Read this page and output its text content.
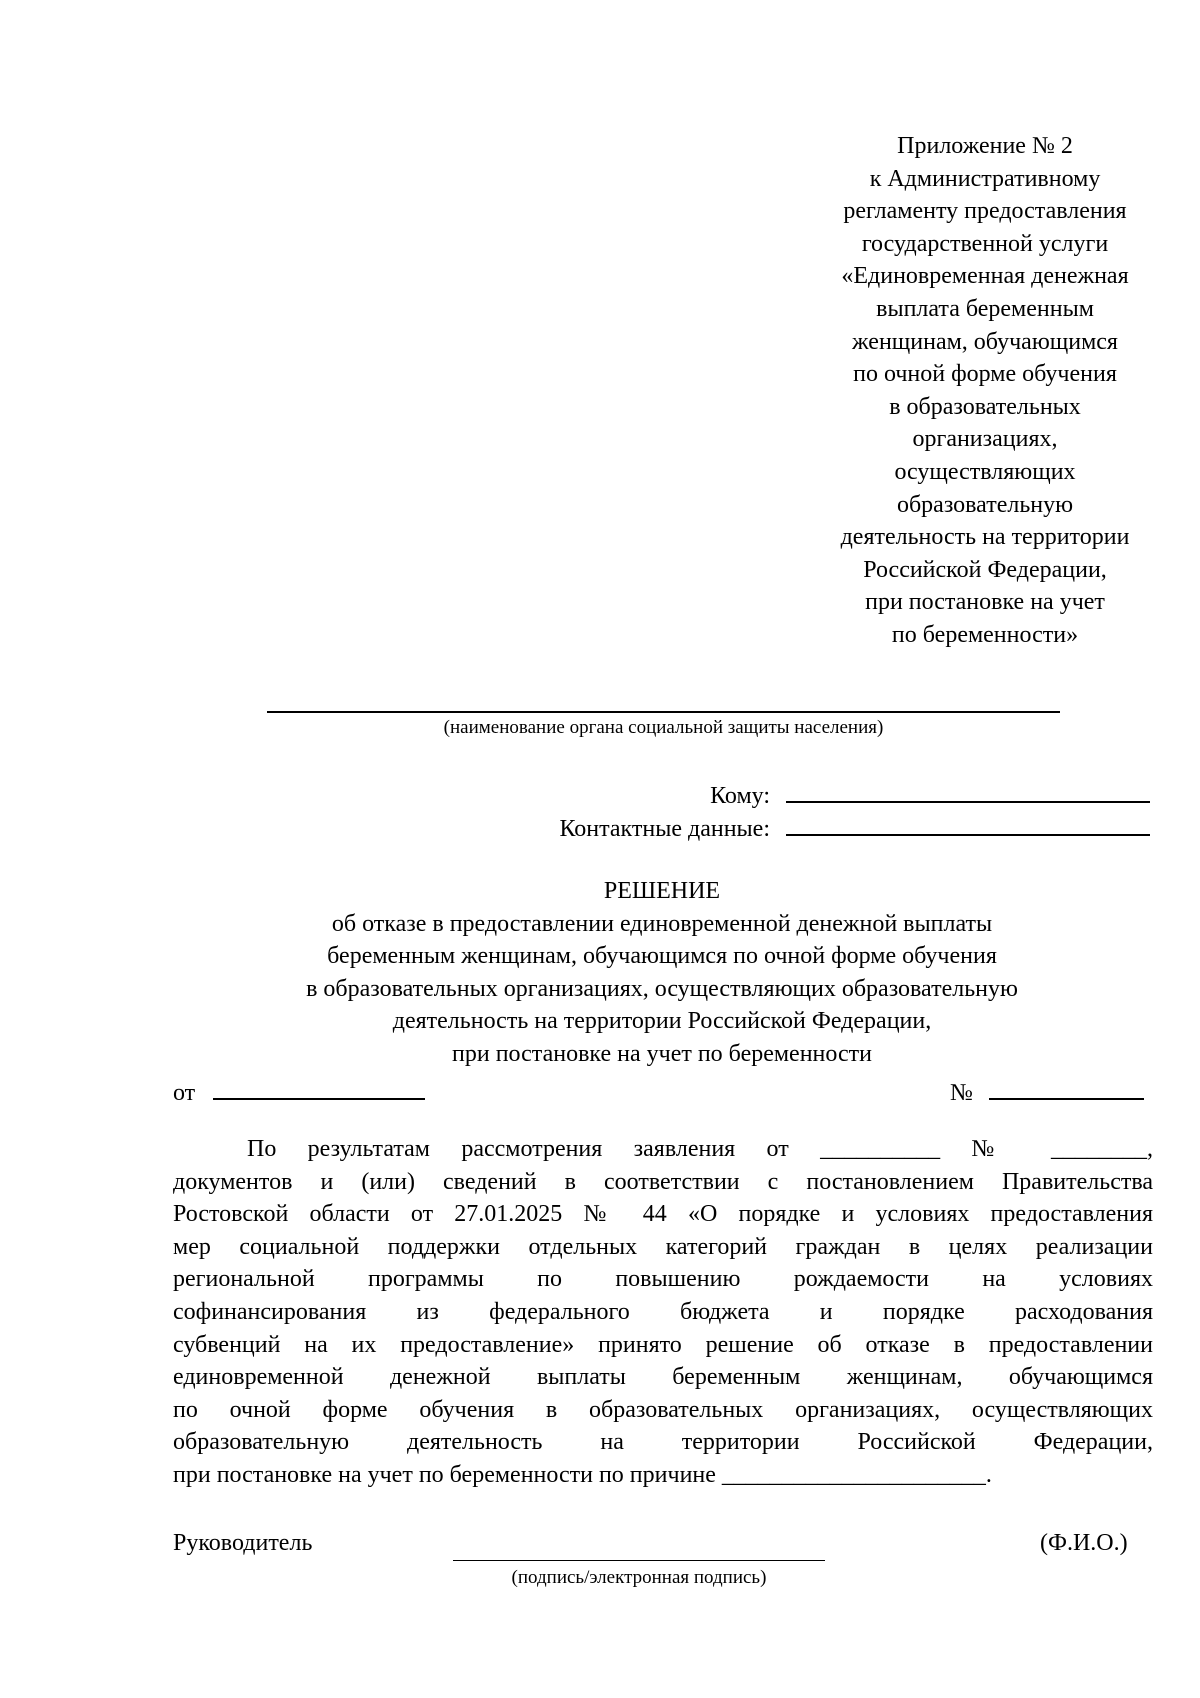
Приложение № 2
к Административному
регламенту предоставления
государственной услуги
«Единовременная денежная
выплата беременным
женщинам, обучающимся
по очной форме обучения
в образовательных
организациях,
осуществляющих
образовательную
деятельность на территории
Российской Федерации,
при постановке на учет
по беременности»
(наименование органа социальной защиты населения)
Кому:
Контактные данные:
РЕШЕНИЕ
об отказе в предоставлении единовременной денежной выплаты
беременным женщинам, обучающимся по очной форме обучения
в образовательных организациях, осуществляющих образовательную
деятельность на территории Российской Федерации,
при постановке на учет по беременности
от	№
По результатам рассмотрения заявления от __________ № ________,
документов и (или) сведений в соответствии с постановлением Правительства
Ростовской области от 27.01.2025 № 44 «О порядке и условиях предоставления
мер социальной поддержки отдельных категорий граждан в целях реализации
региональной программы по повышению рождаемости на условиях
софинансирования из федерального бюджета и порядке расходования
субвенций на их предоставление» принято решение об отказе в предоставлении
единовременной денежной выплаты беременным женщинам, обучающимся
по очной форме обучения в образовательных организациях, осуществляющих
образовательную деятельность на территории Российской Федерации,
при постановке на учет по беременности по причине ______________________.
Руководитель
(подпись/электронная подпись)
(Ф.И.О.)
